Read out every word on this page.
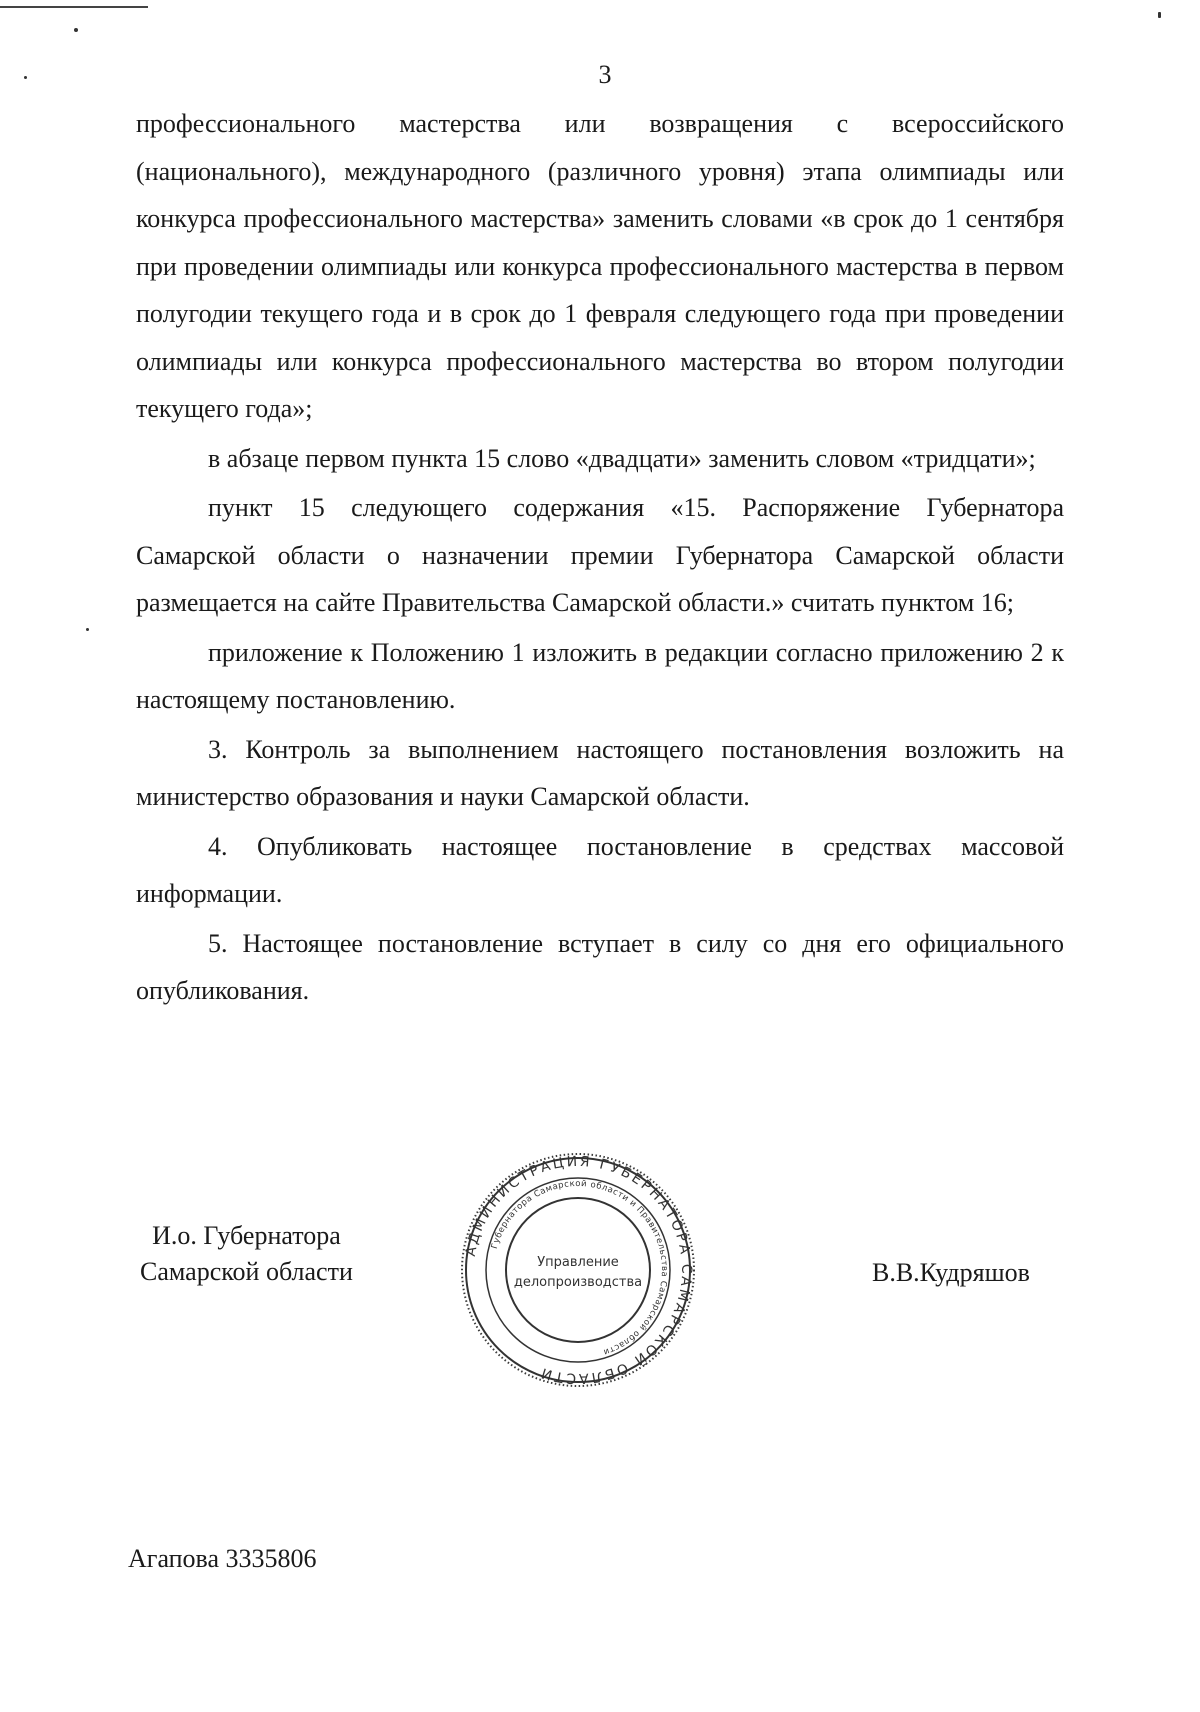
3

профессионального мастерства или возвращения с всероссийского (национального), международного (различного уровня) этапа олимпиады или конкурса профессионального мастерства» заменить словами «в срок до 1 сентября при проведении олимпиады или конкурса профессионального мастерства в первом полугодии текущего года и в срок до 1 февраля следующего года при проведении олимпиады или конкурса профессионального мастерства во втором полугодии текущего года»;

в абзаце первом пункта 15 слово «двадцати» заменить словом «тридцати»;

пункт 15 следующего содержания «15. Распоряжение Губернатора Самарской области о назначении премии Губернатора Самарской области размещается на сайте Правительства Самарской области.» считать пунктом 16;

приложение к Положению 1 изложить в редакции согласно приложению 2 к настоящему постановлению.

3. Контроль за выполнением настоящего постановления возложить на министерство образования и науки Самарской области.

4. Опубликовать настоящее постановление в средствах массовой информации.

5. Настоящее постановление вступает в силу со дня его официального опубликования.

И.о. Губернатора
Самарской области
АДМИНИСТРАЦИЯ ГУБЕРНАТОРА САМАРСКОЙ ОБЛАСТИ
Губернатора Самарской области и Правительства Самарской области
Управление
делопроизводства	В.В.Кудряшов
Агапова 3335806
